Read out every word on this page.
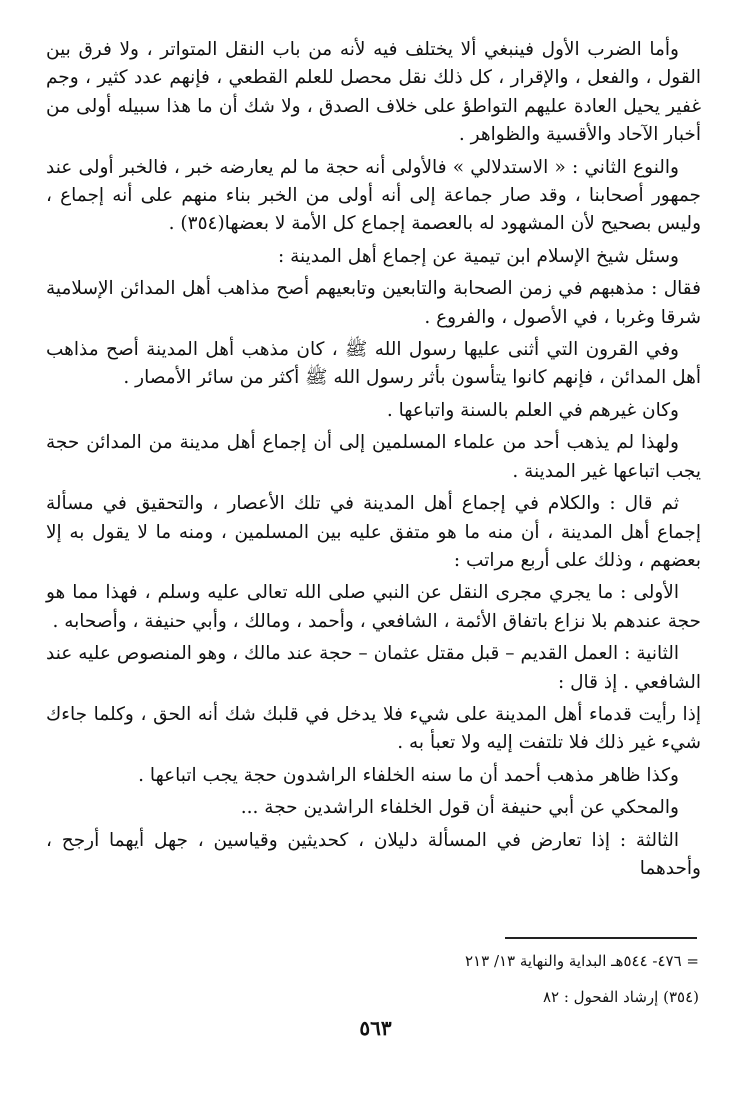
وأما الضرب الأول فينبغي ألا يختلف فيه لأنه من باب النقل المتواتر ، ولا فرق بين القول ، والفعل ، والإقرار ، كل ذلك نقل محصل للعلم القطعي ، فإنهم عدد كثير ، وجم غفير يحيل العادة عليهم التواطؤ على خلاف الصدق ، ولا شك أن ما هذا سبيله أولى من أخبار الآحاد والأقسية والظواهر .

والنوع الثاني : « الاستدلالي » فالأولى أنه حجة ما لم يعارضه خبر ، فالخبر أولى عند جمهور أصحابنا ، وقد صار جماعة إلى أنه أولى من الخبر بناء منهم على أنه إجماع ، وليس بصحيح لأن المشهود له بالعصمة إجماع كل الأمة لا بعضها(٣٥٤) .

وسئل شيخ الإسلام ابن تيمية عن إجماع أهل المدينة :

فقال : مذهبهم في زمن الصحابة والتابعين وتابعيهم أصح مذاهب أهل المدائن الإسلامية شرقا وغربا ، في الأصول ، والفروع .

وفي القرون التي أثنى عليها رسول الله ﷺ ، كان مذهب أهل المدينة أصح مذاهب أهل المدائن ، فإنهم كانوا يتأسون بأثر رسول الله ﷺ أكثر من سائر الأمصار .

وكان غيرهم في العلم بالسنة واتباعها .

ولهذا لم يذهب أحد من علماء المسلمين إلى أن إجماع أهل مدينة من المدائن حجة يجب اتباعها غير المدينة .

ثم قال : والكلام في إجماع أهل المدينة في تلك الأعصار ، والتحقيق في مسألة إجماع أهل المدينة ، أن منه ما هو متفق عليه بين المسلمين ، ومنه ما لا يقول به إلا بعضهم ، وذلك على أربع مراتب :

الأولى : ما يجري مجرى النقل عن النبي صلى الله تعالى عليه وسلم ، فهذا مما هو حجة عندهم بلا نزاع باتفاق الأئمة ، الشافعي ، وأحمد ، ومالك ، وأبي حنيفة ، وأصحابه .

الثانية : العمل القديم – قبل مقتل عثمان – حجة عند مالك ، وهو المنصوص عليه عند الشافعي . إذ قال :

إذا رأيت قدماء أهل المدينة على شيء فلا يدخل في قلبك شك أنه الحق ، وكلما جاءك شيء غير ذلك فلا تلتفت إليه ولا تعبأ به .

وكذا ظاهر مذهب أحمد أن ما سنه الخلفاء الراشدون حجة يجب اتباعها .

والمحكي عن أبي حنيفة أن قول الخلفاء الراشدين حجة ...

الثالثة : إذا تعارض في المسألة دليلان ، كحديثين وقياسين ، جهل أيهما أرجح ، وأحدهما

= ٤٧٦- ٥٤٤هـ البداية والنهاية ١٣/ ٢١٣

(٣٥٤) إرشاد الفحول : ٨٢

٥٦٣
